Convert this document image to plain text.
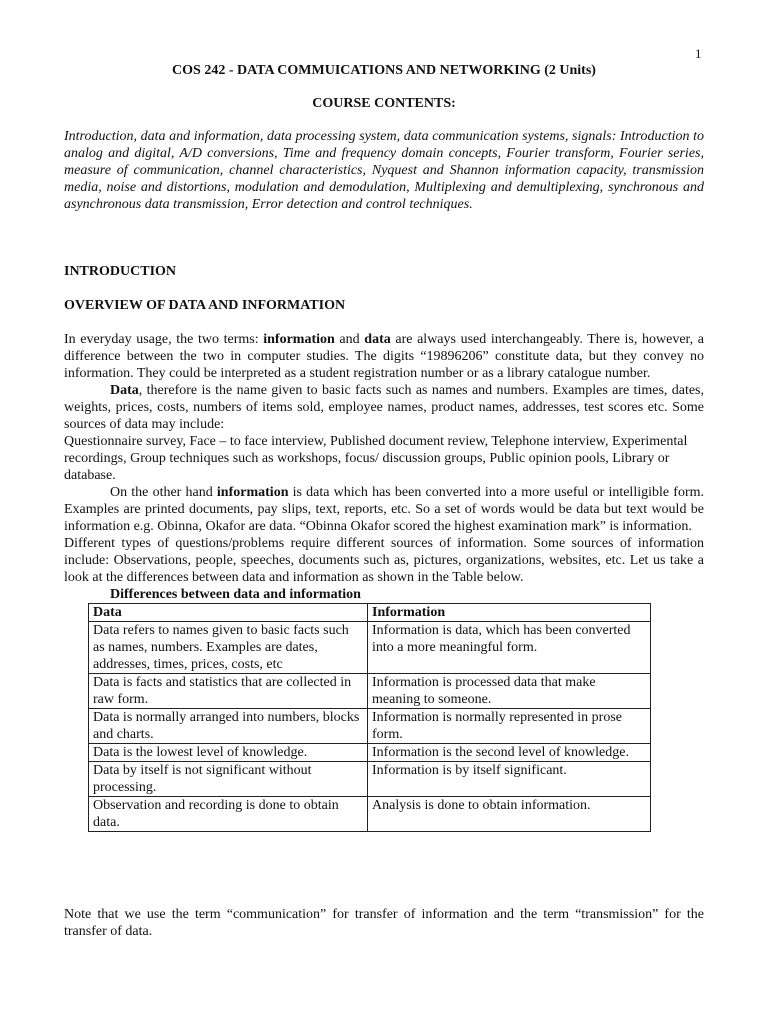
1
COS 242 - DATA COMMUICATIONS AND NETWORKING (2 Units)
COURSE CONTENTS:
Introduction, data and information, data processing system, data communication systems, signals: Introduction to analog and digital, A/D conversions, Time and frequency domain concepts, Fourier transform, Fourier series, measure of communication, channel characteristics, Nyquest and Shannon information capacity, transmission media, noise and distortions, modulation and demodulation, Multiplexing and demultiplexing, synchronous and asynchronous data transmission, Error detection and control techniques.
INTRODUCTION
OVERVIEW OF DATA AND INFORMATION

In everyday usage, the two terms: information and data are always used interchangeably. There is, however, a difference between the two in computer studies. The digits “19896206” constitute data, but they convey no information. They could be interpreted as a student registration number or as a library catalogue number.

Data, therefore is the name given to basic facts such as names and numbers. Examples are times, dates, weights, prices, costs, numbers of items sold, employee names, product names, addresses, test scores etc. Some sources of data may include:

Questionnaire survey, Face – to face interview, Published document review, Telephone interview, Experimental recordings, Group techniques such as workshops, focus/ discussion groups, Public opinion pools, Library or database.

On the other hand information is data which has been converted into a more useful or intelligible form. Examples are printed documents, pay slips, text, reports, etc. So a set of words would be data but text would be information e.g. Obinna, Okafor are data. “Obinna Okafor scored the highest examination mark” is information.

Different types of questions/problems require different sources of information. Some sources of information include: Observations, people, speeches, documents such as, pictures, organizations, websites, etc. Let us take a look at the differences between data and information as shown in the Table below.

Differences between data and information
Data	Information
Data refers to names given to basic facts such as names, numbers. Examples are dates, addresses, times, prices, costs, etc	Information is data, which has been converted into a more meaningful form.
Data is facts and statistics that are collected in raw form.	Information is processed data that make meaning to someone.
Data is normally arranged into numbers, blocks and charts.	Information is normally represented in prose form.
Data is the lowest level of knowledge.	Information is the second level of knowledge.
Data by itself is not significant without processing.	Information is by itself significant.
Observation and recording is done to obtain data.	Analysis is done to obtain information.
Note that we use the term “communication” for transfer of information and the term “transmission” for the transfer of data.
